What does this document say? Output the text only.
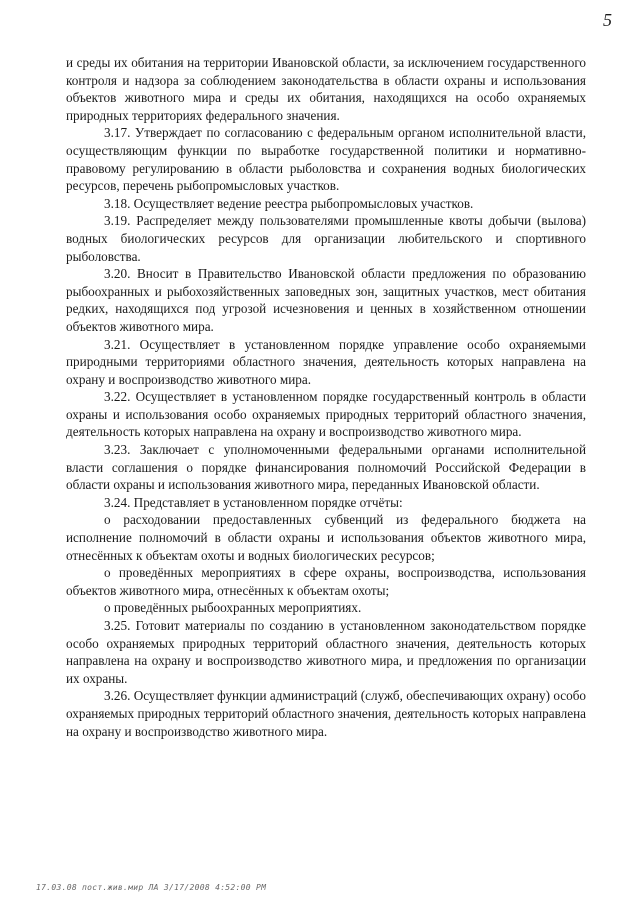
5

и среды их обитания на территории Ивановской области, за исключением государственного контроля и надзора за соблюдением законодательства в области охраны и использования объектов животного мира и среды их обитания, находящихся на особо охраняемых природных территориях федерального значения.

3.17. Утверждает по согласованию с федеральным органом исполнительной власти, осуществляющим функции по выработке государственной политики и нормативно-правовому регулированию в области рыболовства и сохранения водных биологических ресурсов, перечень рыбопромысловых участков.

3.18. Осуществляет ведение реестра рыбопромысловых участков.

3.19. Распределяет между пользователями промышленные квоты добычи (вылова) водных биологических ресурсов для организации любительского и спортивного рыболовства.

3.20. Вносит в Правительство Ивановской области предложения по образованию рыбоохранных и рыбохозяйственных заповедных зон, защитных участков, мест обитания редких, находящихся под угрозой исчезновения и ценных в хозяйственном отношении объектов животного мира.

3.21. Осуществляет в установленном порядке управление особо охраняемыми природными территориями областного значения, деятельность которых направлена на охрану и воспроизводство животного мира.

3.22. Осуществляет в установленном порядке государственный контроль в области охраны и использования особо охраняемых природных территорий областного значения, деятельность которых направлена на охрану и воспроизводство животного мира.

3.23. Заключает с уполномоченными федеральными органами исполнительной власти соглашения о порядке финансирования полномочий Российской Федерации в области охраны и использования животного мира, переданных Ивановской области.

3.24. Представляет в установленном порядке отчёты:

о расходовании предоставленных субвенций из федерального бюджета на исполнение полномочий в области охраны и использования объектов животного мира, отнесённых к объектам охоты и водных биологических ресурсов;

о проведённых мероприятиях в сфере охраны, воспроизводства, использования объектов животного мира, отнесённых к объектам охоты;

о проведённых рыбоохранных мероприятиях.

3.25. Готовит материалы по созданию в установленном законодательством порядке особо охраняемых природных территорий областного значения, деятельность которых направлена на охрану и воспроизводство животного мира, и предложения по организации их охраны.

3.26. Осуществляет функции администраций (служб, обеспечивающих охрану) особо охраняемых природных территорий областного значения, деятельность которых направлена на охрану и воспроизводство животного мира.

17.03.08 пост.жив.мир ЛА 3/17/2008 4:52:00 PM
